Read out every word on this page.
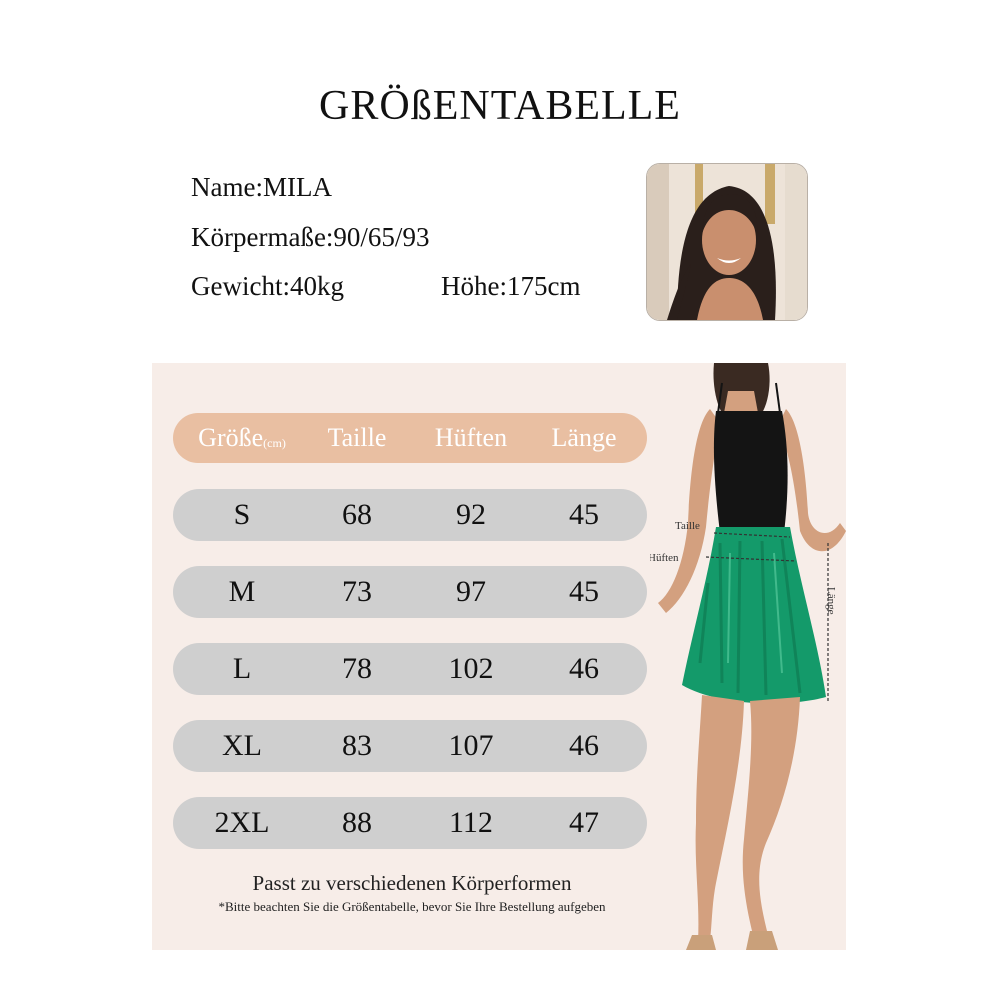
GRÖßENTABELLE
Name:MILA
Körpermaße:90/65/93
Gewicht:40kg	Höhe:175cm
Größe (cm)	Taille	Hüften	Länge
S	68	92	45
M	73	97	45
L	78	102	46
XL	83	107	46
2XL	88	112	47
Passt zu verschiedenen Körperformen
*Bitte beachten Sie die Größentabelle, bevor Sie Ihre Bestellung aufgeben
Taille
Hüften
Länge
